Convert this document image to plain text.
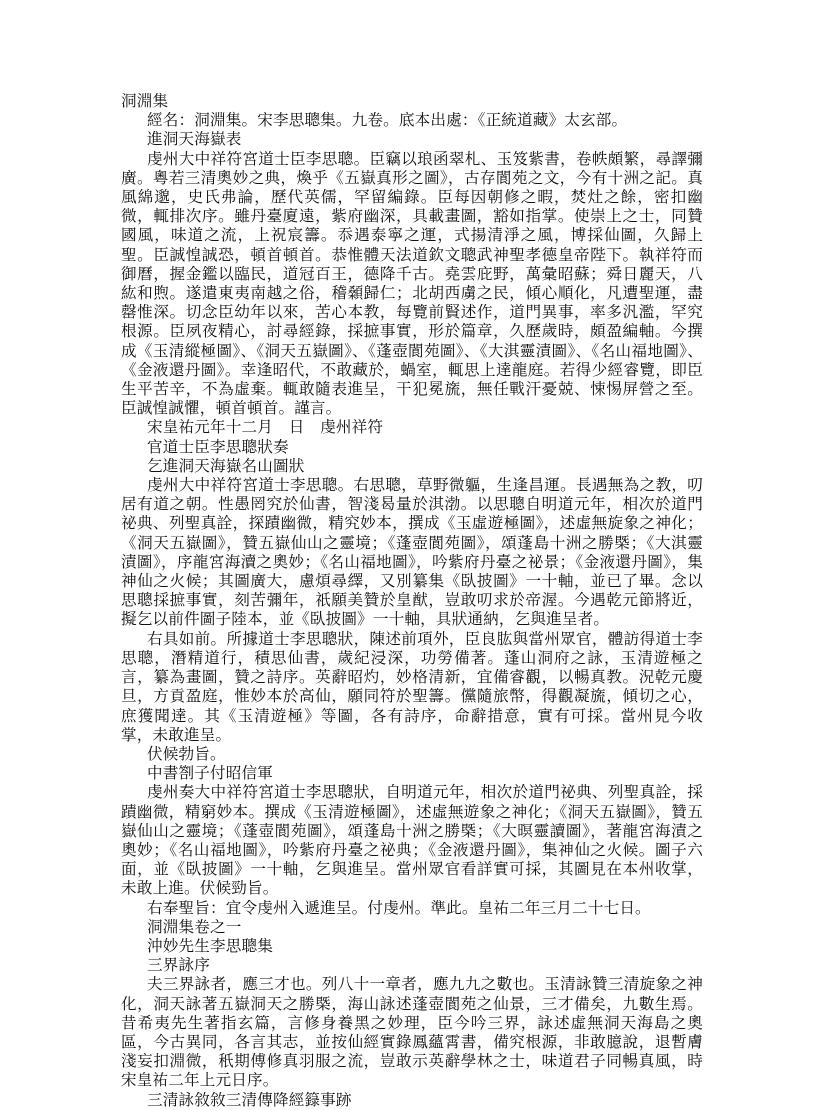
洞淵集

經名：洞淵集。宋李思聰集。九卷。底本出處：《正統道藏》太玄部。

進洞天海嶽表

虔州大中祥符宮道士臣李思聰。臣竊以琅函翠札、玉笈紫書，卷帙頗繁，尋譯彌廣。粵若三清奧妙之典，煥乎《五嶽真形之圖》，古存閬苑之文，今有十洲之記。真風綿邈，史氏弗論，歷代英儒，罕留編錄。臣每因朝修之暇，焚灶之餘，密扣幽微，輒排次序。雖丹臺廈遠，紫府幽深，具載畫圖，豁如指掌。使崇上之士，同贊國風，味道之流，上祝宸籌。忝遇泰寧之運，式揚清淨之風，博採仙圖，久歸上聖。臣誠惶誠恐，頓首頓首。恭惟體天法道欽文聰武神聖孝德皇帝陛下。執祥符而御曆，握金鑑以臨民，道冠百王，德降千古。堯雲庇野，萬彙昭蘇；舜日麗天，八紘和煦。遂遣東夷南越之俗，稽顙歸仁；北胡西虜之民，傾心順化，凡遭聖運，盡罄惟深。切念臣幼年以來，苦心本教，每覽前賢述作，道門異事，率多汎濫，罕究根源。臣夙夜精心，討尋經錄，採摭事實，形於篇章，久歷歲時，頗盈編軸。今撰成《玉清縱極圖》、《洞天五嶽圖》、《蓬壺閬苑圖》、《大淇靈漬圖》、《名山福地圖》、《金液還丹圖》。幸逢昭代，不敢藏於，蝸室，輒思上達龍庭。若得少經睿覽，即臣生平苦辛，不為虛棄。輒敢隨表進呈，干犯冕旒，無任戰汗憂兢、悚惕屏營之至。臣誠惶誠懼，頓首頓首。謹言。

宋皇祐元年十二月　日　虔州祥符

官道士臣李思聰狀奏

乞進洞天海嶽名山圖狀

虔州大中祥符宮道士李思聰。右思聰，草野微軀，生逢昌運。長遇無為之教，叨居有道之朝。性愚罔究於仙書，智淺曷量於淇渤。以思聰自明道元年，相次於道門祕典、列聖真詮，探蹟幽微，精究妙本，撰成《玉虛遊極圖》，述虛無旋象之神化；《洞天五嶽圖》，贊五嶽仙山之靈境；《蓬壺閬苑圖》，頌蓬島十洲之勝槩；《大淇靈漬圖》，序龍宮海瀆之奧妙；《名山福地圖》，吟紫府丹臺之祕景；《金液還丹圖》，集神仙之火候；其圖廣大，慮煩尋繹，又別纂集《臥披圖》一十軸，並已了畢。念以思聰採摭事實，刻苦彌年，祇願美贊於皇猷，豈敢叨求於帝渥。今遇乾元節將近，擬乞以前件圖子陸本，並《臥披圖》一十軸，具狀通納，乞與進呈者。

右具如前。所據道士李思聰狀，陳述前項外，臣良肱與當州眾官，體訪得道士李思聰，潛精道行，積思仙書，歲紀浸深，功勞備著。蓬山洞府之詠，玉清遊極之言，纂為畫圖，贊之詩序。英辭昭灼，妙格清新，宜備睿觀，以暢真教。況乾元慶旦，方貢盈庭，惟妙本於高仙，願同符於聖籌。儻隨旅幣，得觀凝旒，傾切之心，庶獲聞達。其《玉清遊極》等圖，各有詩序，命辭措意，實有可採。當州見今收掌，未敢進呈。

伏候勃旨。

中書劄子付昭信軍

虔州奏大中祥符宮道士李思聰狀，自明道元年，相次於道門祕典、列聖真詮，採蹟幽微，精窮妙本。撰成《玉清遊極圖》，述虛無遊象之神化；《洞天五嶽圖》，贊五嶽仙山之靈境；《蓬壺閬苑圖》，頌蓬島十洲之勝槩；《大暝靈讀圖》，著龍宮海漬之奧妙；《名山福地圖》，吟紫府丹臺之祕典；《金液還丹圖》，集神仙之火候。圖子六面，並《臥披圖》一十軸，乞與進呈。當州眾官看詳實可採，其圖見在本州收掌，未敢上進。伏候勁旨。

右奉聖旨：宜令虔州入遞進呈。付虔州。準此。皇祐二年三月二十七日。

洞淵集卷之一

沖妙先生李思聰集

三界詠序

夫三界詠者，應三才也。列八十一章者，應九九之數也。玉清詠贊三清旋象之神化，洞天詠著五嶽洞天之勝槩，海山詠述蓬壺閬苑之仙景，三才備矣，九數生焉。昔希夷先生著指玄篇，言修身養黑之妙理，臣今吟三界，詠述虛無洞天海島之奧區，今古異同，各言其志，並按仙經實錄鳳蘊霄書，備究根源，非敢臆說，退暫膚淺妄扣淵微，秖期傅修真羽服之流，豈敢示英辭學林之士，味道君子同暢真風，時宋皇祐二年上元日序。

三清詠敘敘三清傳降經籙事跡
